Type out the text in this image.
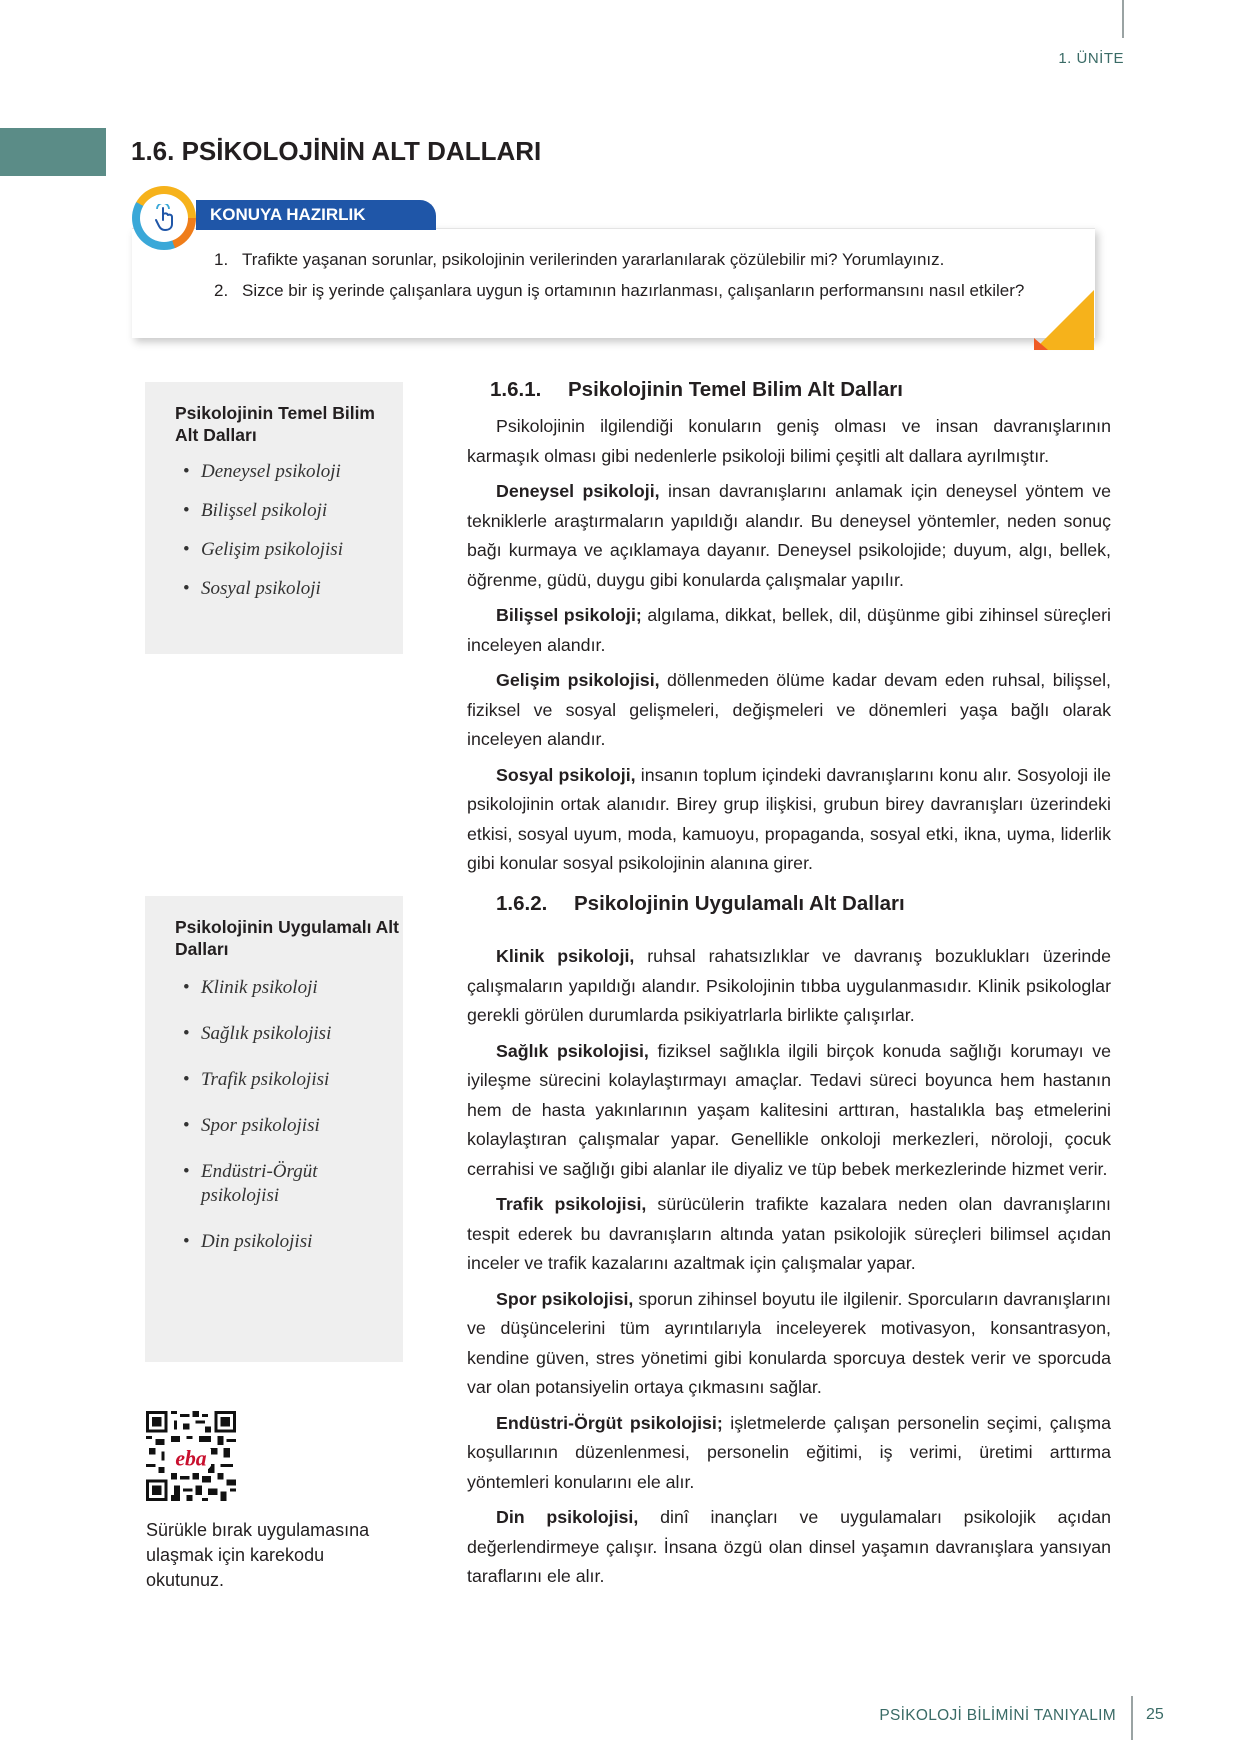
1. ÜNİTE
1.6. PSİKOLOJİNİN ALT DALLARI
KONUYA HAZIRLIK
1. Trafikte yaşanan sorunlar, psikolojinin verilerinden yararlanılarak çözülebilir mi? Yorumlayınız.
2. Sizce bir iş yerinde çalışanlara uygun iş ortamının hazırlanması, çalışanların performansını nasıl etkiler?
Psikolojinin Temel Bilim Alt Dalları
• Deneysel psikoloji
• Bilişsel psikoloji
• Gelişim psikolojisi
• Sosyal psikoloji
Psikolojinin Uygulamalı Alt Dalları
• Klinik psikoloji
• Sağlık psikolojisi
• Trafik psikolojisi
• Spor psikolojisi
• Endüstri-Örgüt psikolojisi
• Din psikolojisi
eba
Sürükle bırak uygulamasına ulaşmak için karekodu okutunuz.
1.6.1. Psikolojinin Temel Bilim Alt Dalları

Psikolojinin ilgilendiği konuların geniş olması ve insan davranışlarının karmaşık olması gibi nedenlerle psikoloji bilimi çeşitli alt dallara ayrılmıştır.

Deneysel psikoloji, insan davranışlarını anlamak için deneysel yöntem ve tekniklerle araştırmaların yapıldığı alandır. Bu deneysel yöntemler, neden sonuç bağı kurmaya ve açıklamaya dayanır. Deneysel psikolojide; duyum, algı, bellek, öğrenme, güdü, duygu gibi konularda çalışmalar yapılır.

Bilişsel psikoloji; algılama, dikkat, bellek, dil, düşünme gibi zihinsel süreçleri inceleyen alandır.

Gelişim psikolojisi, döllenmeden ölüme kadar devam eden ruhsal, bilişsel, fiziksel ve sosyal gelişmeleri, değişmeleri ve dönemleri yaşa bağlı olarak inceleyen alandır.

Sosyal psikoloji, insanın toplum içindeki davranışlarını konu alır. Sosyoloji ile psikolojinin ortak alanıdır. Birey grup ilişkisi, grubun birey davranışları üzerindeki etkisi, sosyal uyum, moda, kamuoyu, propaganda, sosyal etki, ikna, uyma, liderlik gibi konular sosyal psikolojinin alanına girer.

1.6.2. Psikolojinin Uygulamalı Alt Dalları

Klinik psikoloji, ruhsal rahatsızlıklar ve davranış bozuklukları üzerinde çalışmaların yapıldığı alandır. Psikolojinin tıbba uygulanmasıdır. Klinik psikologlar gerekli görülen durumlarda psikiyatrlarla birlikte çalışırlar.

Sağlık psikolojisi, fiziksel sağlıkla ilgili birçok konuda sağlığı korumayı ve iyileşme sürecini kolaylaştırmayı amaçlar. Tedavi süreci boyunca hem hastanın hem de hasta yakınlarının yaşam kalitesini arttıran, hastalıkla baş etmelerini kolaylaştıran çalışmalar yapar. Genellikle onkoloji merkezleri, nöroloji, çocuk cerrahisi ve sağlığı gibi alanlar ile diyaliz ve tüp bebek merkezlerinde hizmet verir.

Trafik psikolojisi, sürücülerin trafikte kazalara neden olan davranışlarını tespit ederek bu davranışların altında yatan psikolojik süreçleri bilimsel açıdan inceler ve trafik kazalarını azaltmak için çalışmalar yapar.

Spor psikolojisi, sporun zihinsel boyutu ile ilgilenir. Sporcuların davranışlarını ve düşüncelerini tüm ayrıntılarıyla inceleyerek motivasyon, konsantrasyon, kendine güven, stres yönetimi gibi konularda sporcuya destek verir ve sporcuda var olan potansiyelin ortaya çıkmasını sağlar.

Endüstri-Örgüt psikolojisi; işletmelerde çalışan personelin seçimi, çalışma koşullarının düzenlenmesi, personelin eğitimi, iş verimi, üretimi arttırma yöntemleri konularını ele alır.

Din psikolojisi, dinî inançları ve uygulamaları psikolojik açıdan değerlendirmeye çalışır. İnsana özgü olan dinsel yaşamın davranışlara yansıyan taraflarını ele alır.

PSİKOLOJİ BİLİMİNİ TANIYALIM 25
